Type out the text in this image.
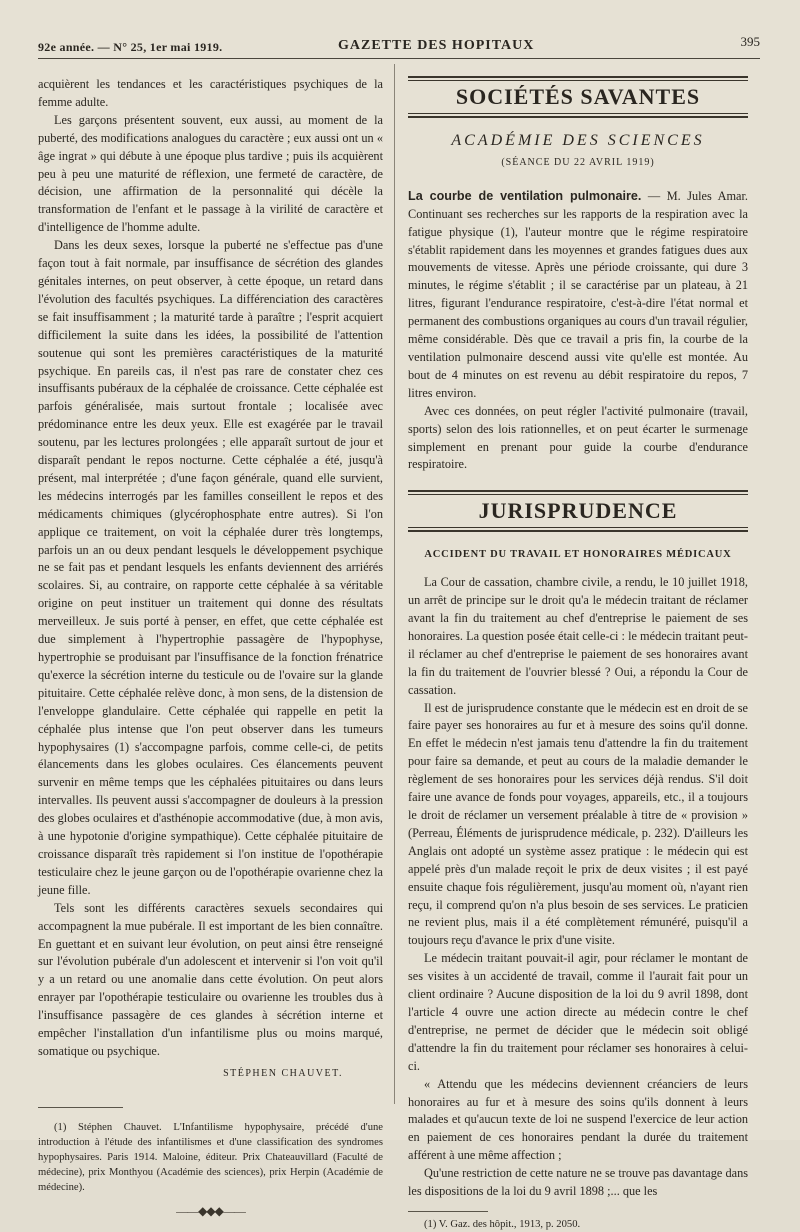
92e année. — N° 25, 1er mai 1919.	GAZETTE DES HOPITAUX	395

acquièrent les tendances et les caractéristiques psychiques de la femme adulte.

Les garçons présentent souvent, eux aussi, au moment de la puberté, des modifications analogues du caractère ; eux aussi ont un « âge ingrat » qui débute à une époque plus tardive ; puis ils acquièrent peu à peu une maturité de réflexion, une fermeté de caractère, de décision, une affirmation de la personnalité qui décèle la transformation de l'enfant et le passage à la virilité de caractère et d'intelligence de l'homme adulte.

Dans les deux sexes, lorsque la puberté ne s'effectue pas d'une façon tout à fait normale, par insuffisance de sécrétion des glandes génitales internes, on peut observer, à cette époque, un retard dans l'évolution des facultés psychiques. La différenciation des caractères se fait insuffisamment ; la maturité tarde à paraître ; l'esprit acquiert difficilement la suite dans les idées, la possibilité de l'attention soutenue qui sont les premières caractéristiques de la maturité psychique. En pareils cas, il n'est pas rare de constater chez ces insuffisants pubéraux de la céphalée de croissance. Cette céphalée est parfois généralisée, mais surtout frontale ; localisée avec prédominance entre les deux yeux. Elle est exagérée par le travail soutenu, par les lectures prolongées ; elle apparaît surtout de jour et disparaît pendant le repos nocturne. Cette céphalée a été, jusqu'à présent, mal interprétée ; d'une façon générale, quand elle survient, les médecins interrogés par les familles conseillent le repos et des médicaments chimiques (glycérophosphate entre autres). Si l'on applique ce traitement, on voit la céphalée durer très longtemps, parfois un an ou deux pendant lesquels le développement psychique ne se fait pas et pendant lesquels les enfants deviennent des arriérés scolaires. Si, au contraire, on rapporte cette céphalée à sa véritable origine on peut instituer un traitement qui donne des résultats merveilleux. Je suis porté à penser, en effet, que cette céphalée est due simplement à l'hypertrophie passagère de l'hypophyse, hypertrophie se produisant par l'insuffisance de la fonction frénatrice qu'exerce la sécrétion interne du testicule ou de l'ovaire sur la glande pituitaire. Cette céphalée relève donc, à mon sens, de la distension de l'enveloppe glandulaire. Cette céphalée qui rappelle en petit la céphalée plus intense que l'on peut observer dans les tumeurs hypophysaires (1) s'accompagne parfois, comme celle-ci, de petits élancements dans les globes oculaires. Ces élancements peuvent survenir en même temps que les céphalées pituitaires ou dans leurs intervalles. Ils peuvent aussi s'accompagner de douleurs à la pression des globes oculaires et d'asthénopie accommodative (due, à mon avis, à une hypotonie d'origine sympathique). Cette céphalée pituitaire de croissance disparaît très rapidement si l'on institue de l'opothérapie testiculaire chez le jeune garçon ou de l'opothérapie ovarienne chez la jeune fille.

Tels sont les différents caractères sexuels secondaires qui accompagnent la mue pubérale. Il est important de les bien connaître. En guettant et en suivant leur évolution, on peut ainsi être renseigné sur l'évolution pubérale d'un adolescent et intervenir si l'on voit qu'il y a un retard ou une anomalie dans cette évolution. On peut alors enrayer par l'opothérapie testiculaire ou ovarienne les troubles dus à l'insuffisance passagère de ces glandes à sécrétion interne et empêcher l'installation d'un infantilisme plus ou moins marqué, somatique ou psychique.

STÉPHEN CHAUVET.

(1) Stéphen Chauvet. L'Infantilisme hypophysaire, précédé d'une introduction à l'étude des infantilismes et d'une classification des syndromes hypophysaires. Paris 1914. Maloine, éditeur. Prix Chateauvillard (Faculté de médecine), prix Monthyou (Académie des sciences), prix Herpin (Académie de médecine).

——◆◆◆——
SOCIÉTÉS SAVANTES
ACADÉMIE DES SCIENCES
(SÉANCE DU 22 AVRIL 1919)

La courbe de ventilation pulmonaire. — M. Jules Amar. Continuant ses recherches sur les rapports de la respiration avec la fatigue physique (1), l'auteur montre que le régime respiratoire s'établit rapidement dans les moyennes et grandes fatigues dues aux mouvements de vitesse. Après une période croissante, qui dure 3 minutes, le régime s'établit ; il se caractérise par un plateau, à 21 litres, figurant l'endurance respiratoire, c'est-à-dire l'état normal et permanent des combustions organiques au cours d'un travail régulier, même considérable. Dès que ce travail a pris fin, la courbe de la ventilation pulmonaire descend aussi vite qu'elle est montée. Au bout de 4 minutes on est revenu au débit respiratoire du repos, 7 litres environ.

Avec ces données, on peut régler l'activité pulmonaire (travail, sports) selon des lois rationnelles, et on peut écarter le surmenage simplement en prenant pour guide la courbe d'endurance respiratoire.

JURISPRUDENCE
ACCIDENT DU TRAVAIL ET HONORAIRES MÉDICAUX

La Cour de cassation, chambre civile, a rendu, le 10 juillet 1918, un arrêt de principe sur le droit qu'a le médecin traitant de réclamer avant la fin du traitement au chef d'entreprise le paiement de ses honoraires. La question posée était celle-ci : le médecin traitant peut-il réclamer au chef d'entreprise le paiement de ses honoraires avant la fin du traitement de l'ouvrier blessé ? Oui, a répondu la Cour de cassation.

Il est de jurisprudence constante que le médecin est en droit de se faire payer ses honoraires au fur et à mesure des soins qu'il donne. En effet le médecin n'est jamais tenu d'attendre la fin du traitement pour faire sa demande, et peut au cours de la maladie demander le règlement de ses honoraires pour les services déjà rendus. S'il doit faire une avance de fonds pour voyages, appareils, etc., il a toujours le droit de réclamer un versement préalable à titre de « provision » (Perreau, Éléments de jurisprudence médicale, p. 232). D'ailleurs les Anglais ont adopté un système assez pratique : le médecin qui est appelé près d'un malade reçoit le prix de deux visites ; il est payé ensuite chaque fois régulièrement, jusqu'au moment où, n'ayant rien reçu, il comprend qu'on n'a plus besoin de ses services. Le praticien ne revient plus, mais il a été complètement rémunéré, puisqu'il a toujours reçu d'avance le prix d'une visite.

Le médecin traitant pouvait-il agir, pour réclamer le montant de ses visites à un accidenté de travail, comme il l'aurait fait pour un client ordinaire ? Aucune disposition de la loi du 9 avril 1898, dont l'article 4 ouvre une action directe au médecin contre le chef d'entreprise, ne permet de décider que le médecin soit obligé d'attendre la fin du traitement pour réclamer ses honoraires à celui-ci.

« Attendu que les médecins deviennent créanciers de leurs honoraires au fur et à mesure des soins qu'ils donnent à leurs malades et qu'aucun texte de loi ne suspend l'exercice de leur action en paiement de ces honoraires pendant la durée du traitement afférent à une même affection ;

Qu'une restriction de cette nature ne se trouve pas davantage dans les dispositions de la loi du 9 avril 1898 ;... que les

(1) V. Gaz. des hôpit., 1913, p. 2050.
